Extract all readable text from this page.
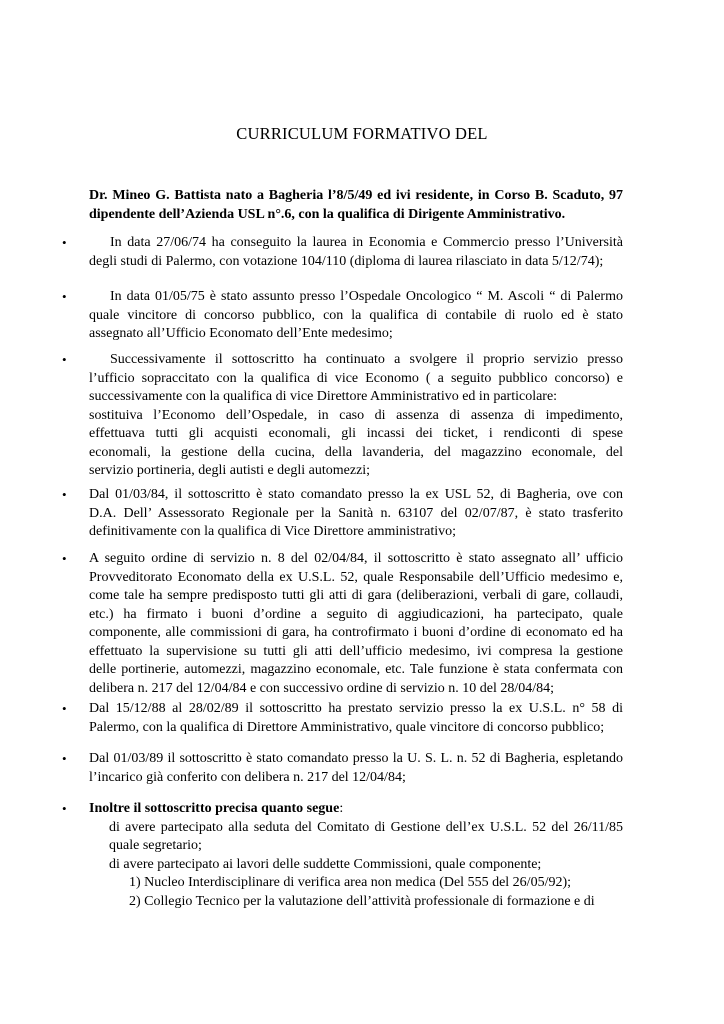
CURRICULUM FORMATIVO DEL
Dr. Mineo G. Battista nato a Bagheria l’8/5/49 ed ivi residente, in Corso B. Scaduto, 97
dipendente dell’Azienda USL n°.6, con la qualifica di Dirigente Amministrativo.
•	In data 27/06/74 ha conseguito la laurea in Economia e Commercio presso l’Università
degli studi di Palermo, con votazione 104/110 (diploma di laurea rilasciato in data 5/12/74);
•	In data 01/05/75 è stato assunto presso l’Ospedale Oncologico “ M. Ascoli “ di Palermo
quale vincitore di concorso pubblico, con la qualifica di contabile di ruolo ed è stato
assegnato all’Ufficio Economato dell’Ente medesimo;
•	Successivamente il sottoscritto ha continuato a svolgere il proprio servizio presso
l’ufficio sopraccitato con la qualifica di vice Economo ( a seguito pubblico concorso) e
successivamente con la qualifica di vice Direttore Amministrativo ed in particolare:
sostituiva l’Economo dell’Ospedale, in caso di assenza di assenza di impedimento,
effettuava tutti gli acquisti economali, gli incassi dei ticket, i rendiconti di spese
economali, la gestione della cucina, della lavanderia, del magazzino economale, del
servizio portineria, degli autisti e degli automezzi;
• Dal 01/03/84, il sottoscritto è stato comandato presso la ex USL 52, di Bagheria, ove con
D.A. Dell’ Assessorato Regionale per la Sanità n. 63107 del 02/07/87, è stato trasferito
definitivamente con la qualifica di Vice Direttore amministrativo;
• A seguito ordine di servizio n. 8 del 02/04/84, il sottoscritto è stato assegnato all’ ufficio
Provveditorato Economato della ex U.S.L. 52, quale Responsabile dell’Ufficio medesimo e,
come tale ha sempre predisposto tutti gli atti di gara (deliberazioni, verbali di gare, collaudi,
etc.) ha firmato i buoni d’ordine a seguito di aggiudicazioni, ha partecipato, quale
componente, alle commissioni di gara, ha controfirmato i buoni d’ordine di economato ed ha
effettuato la supervisione su tutti gli atti dell’ufficio medesimo, ivi compresa la gestione
delle portinerie, automezzi, magazzino economale, etc. Tale funzione è stata confermata con
delibera n. 217 del 12/04/84 e con successivo ordine di servizio n. 10 del 28/04/84;
• Dal 15/12/88 al 28/02/89 il sottoscritto ha prestato servizio presso la ex U.S.L. n° 58 di
Palermo, con la qualifica di Direttore Amministrativo, quale vincitore di concorso pubblico;
• Dal 01/03/89 il sottoscritto è stato comandato presso la U. S. L. n. 52 di Bagheria, espletando
l’incarico già conferito con delibera n. 217 del 12/04/84;
• Inoltre il sottoscritto precisa quanto segue:
di avere partecipato alla seduta del Comitato di Gestione dell’ex U.S.L. 52 del 26/11/85
quale segretario;
di avere partecipato ai lavori delle suddette Commissioni, quale componente;
1) Nucleo Interdisciplinare di verifica area non medica (Del 555 del 26/05/92);
2) Collegio Tecnico per la valutazione dell’attività professionale di formazione e di
